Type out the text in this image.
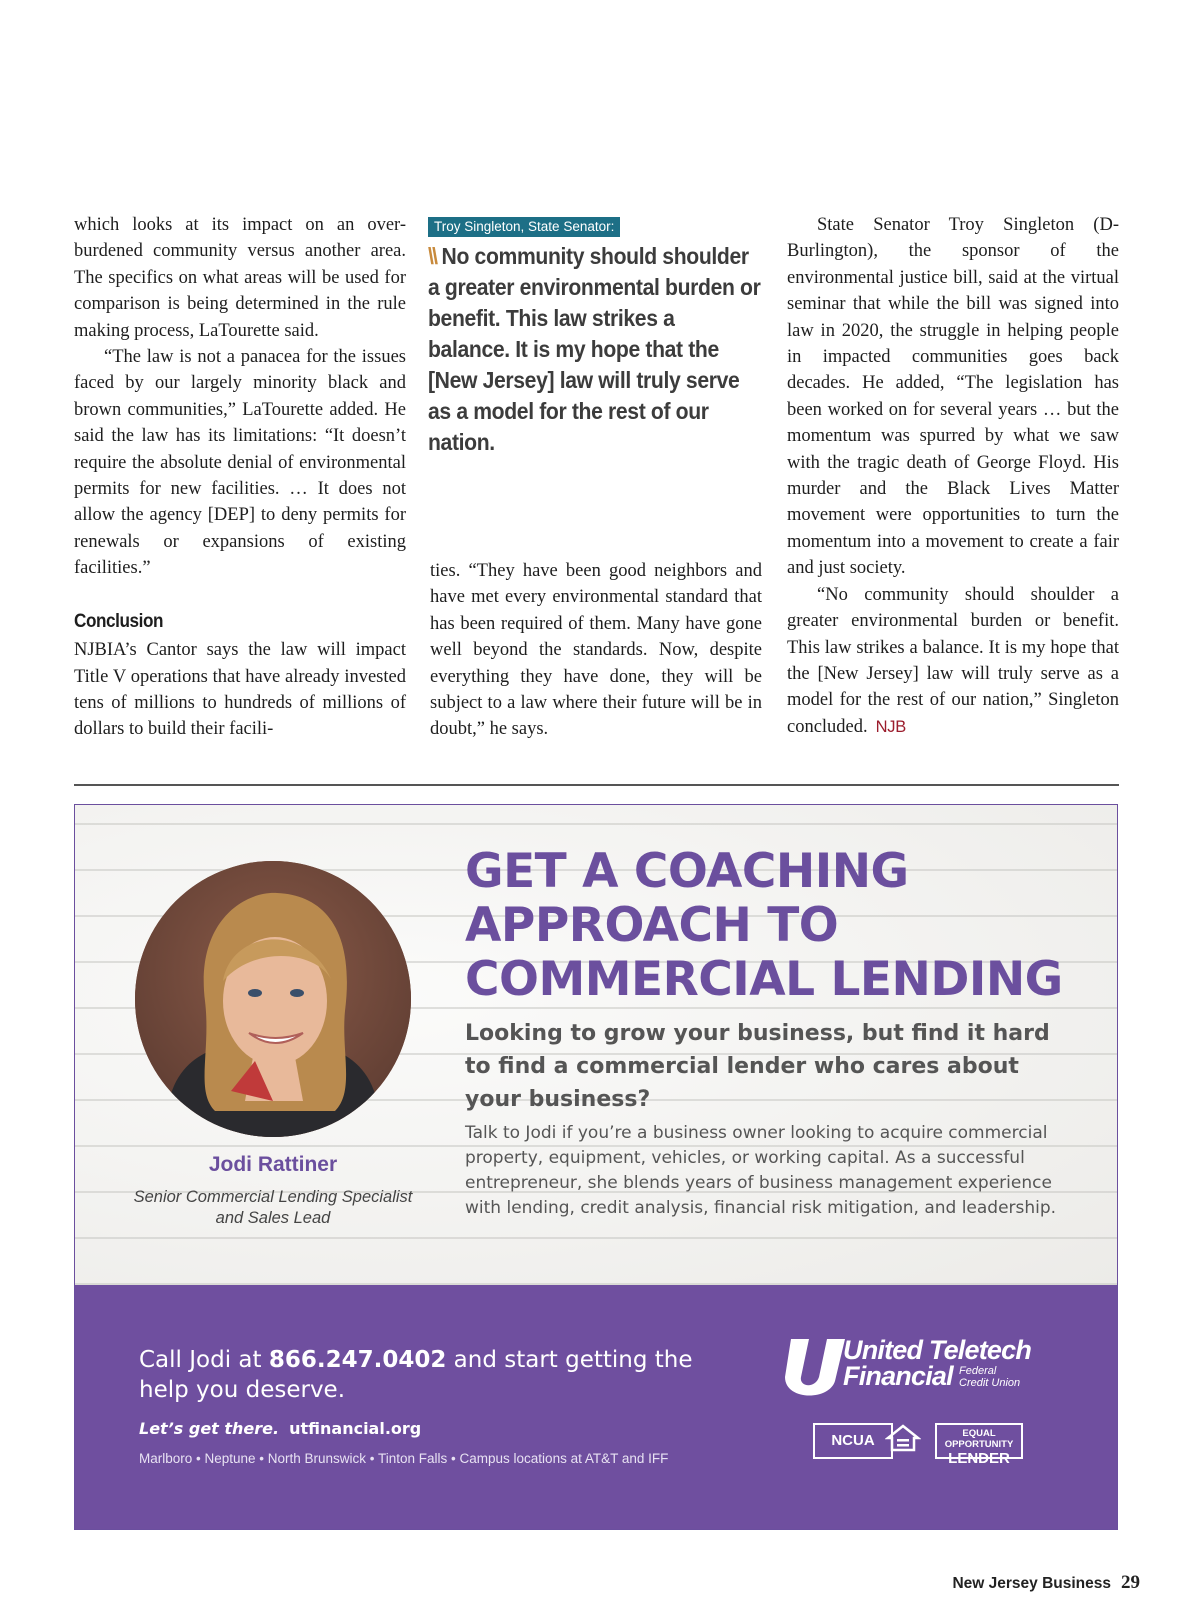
which looks at its impact on an over-burdened community versus another area. The specifics on what areas will be used for comparison is being determined in the rule making process, LaTourette said.

“The law is not a panacea for the issues faced by our largely minority black and brown communities,” LaTourette added. He said the law has its limitations: “It doesn’t require the absolute denial of environmental permits for new facilities. … It does not allow the agency [DEP] to deny permits for renewals or expansions of existing facilities.”

Conclusion

NJBIA’s Cantor says the law will impact Title V operations that have already invested tens of millions to hundreds of millions of dollars to build their facili-

Troy Singleton, State Senator:
\\ No community should shoulder a greater environmental burden or benefit. This law strikes a balance. It is my hope that the [New Jersey] law will truly serve as a model for the rest of our nation.

ties. “They have been good neighbors and have met every environmental standard that has been required of them. Many have gone well beyond the standards. Now, despite everything they have done, they will be subject to a law where their future will be in doubt,” he says.

State Senator Troy Singleton (D-Burlington), the sponsor of the environmental justice bill, said at the virtual seminar that while the bill was signed into law in 2020, the struggle in helping people in impacted communities goes back decades. He added, “The legislation has been worked on for several years … but the momentum was spurred by what we saw with the tragic death of George Floyd. His murder and the Black Lives Matter movement were opportunities to turn the momentum into a movement to create a fair and just society.

“No community should shoulder a greater environmental burden or benefit. This law strikes a balance. It is my hope that the [New Jersey] law will truly serve as a model for the rest of our nation,” Singleton concluded. NJB

Jodi Rattiner
Senior Commercial Lending Specialist and Sales Lead
GET A COACHING APPROACH TO COMMERCIAL LENDING
Looking to grow your business, but find it hard to find a commercial lender who cares about your business?
Talk to Jodi if you’re a business owner looking to acquire commercial property, equipment, vehicles, or working capital. As a successful entrepreneur, she blends years of business management experience with lending, credit analysis, financial risk mitigation, and leadership.
Call Jodi at 866.247.0402 and start getting the help you deserve.
Let’s get there. utfinancial.org
Marlboro • Neptune • North Brunswick • Tinton Falls • Campus locations at AT&T and IFF
United Teletech
Financial Federal
Credit Union
NCUA	EQUAL OPPORTUNITY
LENDER
New Jersey Business 29
